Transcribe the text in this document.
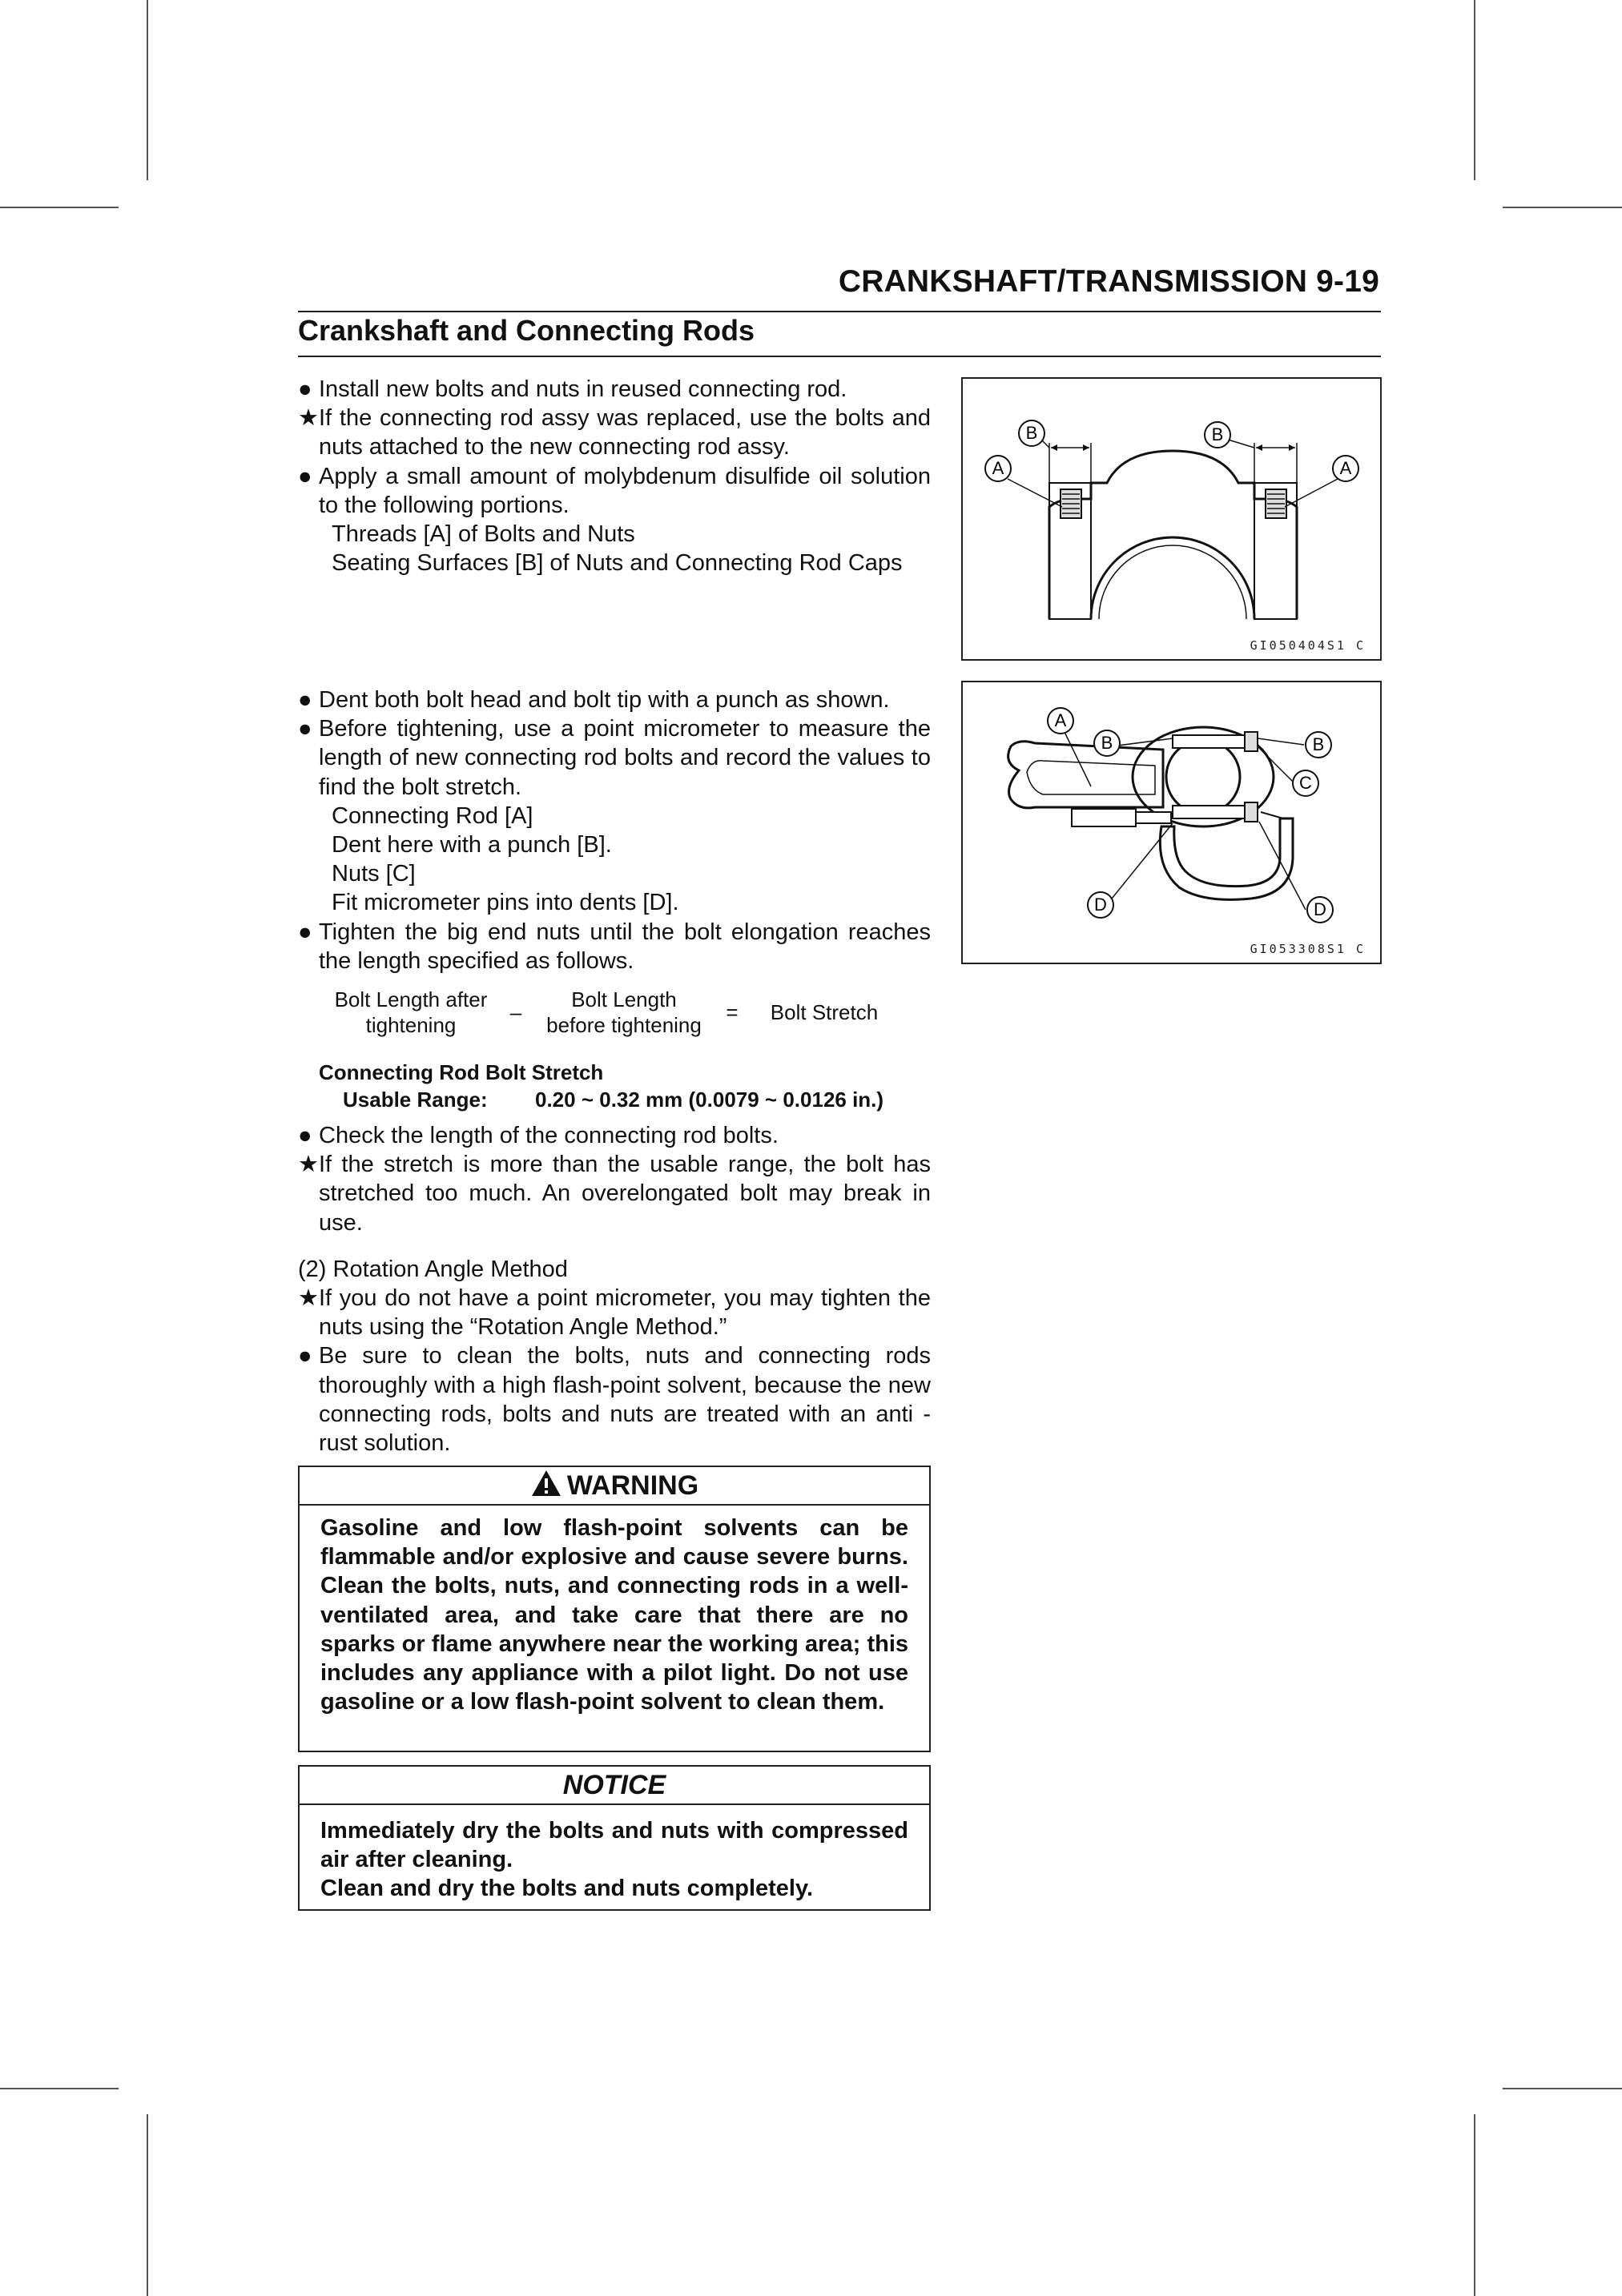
CRANKSHAFT/TRANSMISSION 9-19
Crankshaft and Connecting Rods
● Install new bolts and nuts in reused connecting rod.
★ If the connecting rod assy was replaced, use the bolts and nuts attached to the new connecting rod assy.
● Apply a small amount of molybdenum disulfide oil solution to the following portions.
Threads [A] of Bolts and Nuts
Seating Surfaces [B] of Nuts and Connecting Rod Caps
● Dent both bolt head and bolt tip with a punch as shown.
● Before tightening, use a point micrometer to measure the length of new connecting rod bolts and record the values to find the bolt stretch.
Connecting Rod [A]
Dent here with a punch [B].
Nuts [C]
Fit micrometer pins into dents [D].
● Tighten the big end nuts until the bolt elongation reaches the length specified as follows.
Bolt Length after tightening
–
Bolt Length before tightening
=	Bolt Stretch
Connecting Rod Bolt Stretch
Usable Range: 0.20 ~ 0.32 mm (0.0079 ~ 0.0126 in.)
● Check the length of the connecting rod bolts.
★ If the stretch is more than the usable range, the bolt has stretched too much. An overelongated bolt may break in use.
(2) Rotation Angle Method
★ If you do not have a point micrometer, you may tighten the nuts using the “Rotation Angle Method.”
● Be sure to clean the bolts, nuts and connecting rods thoroughly with a high flash-point solvent, because the new connecting rods, bolts and nuts are treated with an anti -rust solution.
WARNING

Gasoline and low flash-point solvents can be flammable and/or explosive and cause severe burns. Clean the bolts, nuts, and connecting rods in a well-ventilated area, and take care that there are no sparks or flame anywhere near the working area; this includes any appliance with a pilot light. Do not use gasoline or a low flash-point solvent to clean them.

NOTICE

Immediately dry the bolts and nuts with compressed air after cleaning.

Clean and dry the bolts and nuts completely.

A
B	B
A
GI050404S1 C
A
B	B
C
D	D
GI053308S1 C
